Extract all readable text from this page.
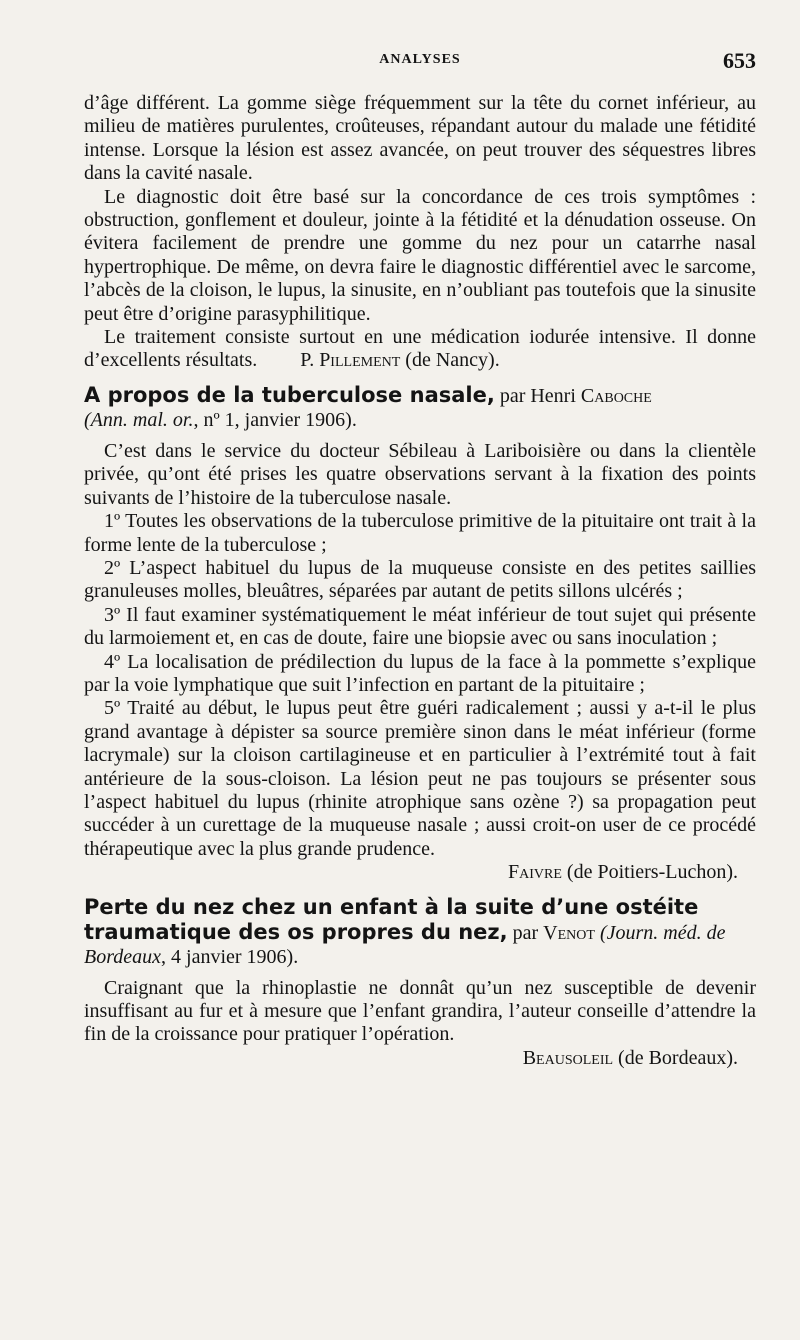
ANALYSES	653

d’âge différent. La gomme siège fréquemment sur la tête du cornet inférieur, au milieu de matières purulentes, croûteuses, répandant autour du malade une fétidité intense. Lorsque la lésion est assez avancée, on peut trouver des séquestres libres dans la cavité nasale.

Le diagnostic doit être basé sur la concordance de ces trois symptômes : obstruction, gonflement et douleur, jointe à la fétidité et la dénudation osseuse. On évitera facilement de prendre une gomme du nez pour un catarrhe nasal hypertrophique. De même, on devra faire le diagnostic différentiel avec le sarcome, l’abcès de la cloison, le lupus, la sinusite, en n’oubliant pas toutefois que la sinusite peut être d’origine parasyphilitique.

Le traitement consiste surtout en une médication iodurée intensive. Il donne d’excellents résultats. P. Pillement (de Nancy).

A propos de la tuberculose nasale, par Henri Caboche
(Ann. mal. or., nº 1, janvier 1906).

C’est dans le service du docteur Sébileau à Lariboisière ou dans la clientèle privée, qu’ont été prises les quatre observations servant à la fixation des points suivants de l’histoire de la tuberculose nasale.

1º Toutes les observations de la tuberculose primitive de la pituitaire ont trait à la forme lente de la tuberculose ;

2º L’aspect habituel du lupus de la muqueuse consiste en des petites saillies granuleuses molles, bleuâtres, séparées par autant de petits sillons ulcérés ;

3º Il faut examiner systématiquement le méat inférieur de tout sujet qui présente du larmoiement et, en cas de doute, faire une biopsie avec ou sans inoculation ;

4º La localisation de prédilection du lupus de la face à la pommette s’explique par la voie lymphatique que suit l’infection en partant de la pituitaire ;

5º Traité au début, le lupus peut être guéri radicalement ; aussi y a-t-il le plus grand avantage à dépister sa source première sinon dans le méat inférieur (forme lacrymale) sur la cloison cartilagineuse et en particulier à l’extrémité tout à fait antérieure de la sous-cloison. La lésion peut ne pas toujours se présenter sous l’aspect habituel du lupus (rhinite atrophique sans ozène ?) sa propagation peut succéder à un curettage de la muqueuse nasale ; aussi croit-on user de ce procédé thérapeutique avec la plus grande prudence.

Faivre (de Poitiers-Luchon).
Perte du nez chez un enfant à la suite d’une ostéite traumatique des os propres du nez, par Venot (Journ. méd. de Bordeaux, 4 janvier 1906).

Craignant que la rhinoplastie ne donnât qu’un nez susceptible de devenir insuffisant au fur et à mesure que l’enfant grandira, l’auteur conseille d’attendre la fin de la croissance pour pratiquer l’opération.

Beausoleil (de Bordeaux).
